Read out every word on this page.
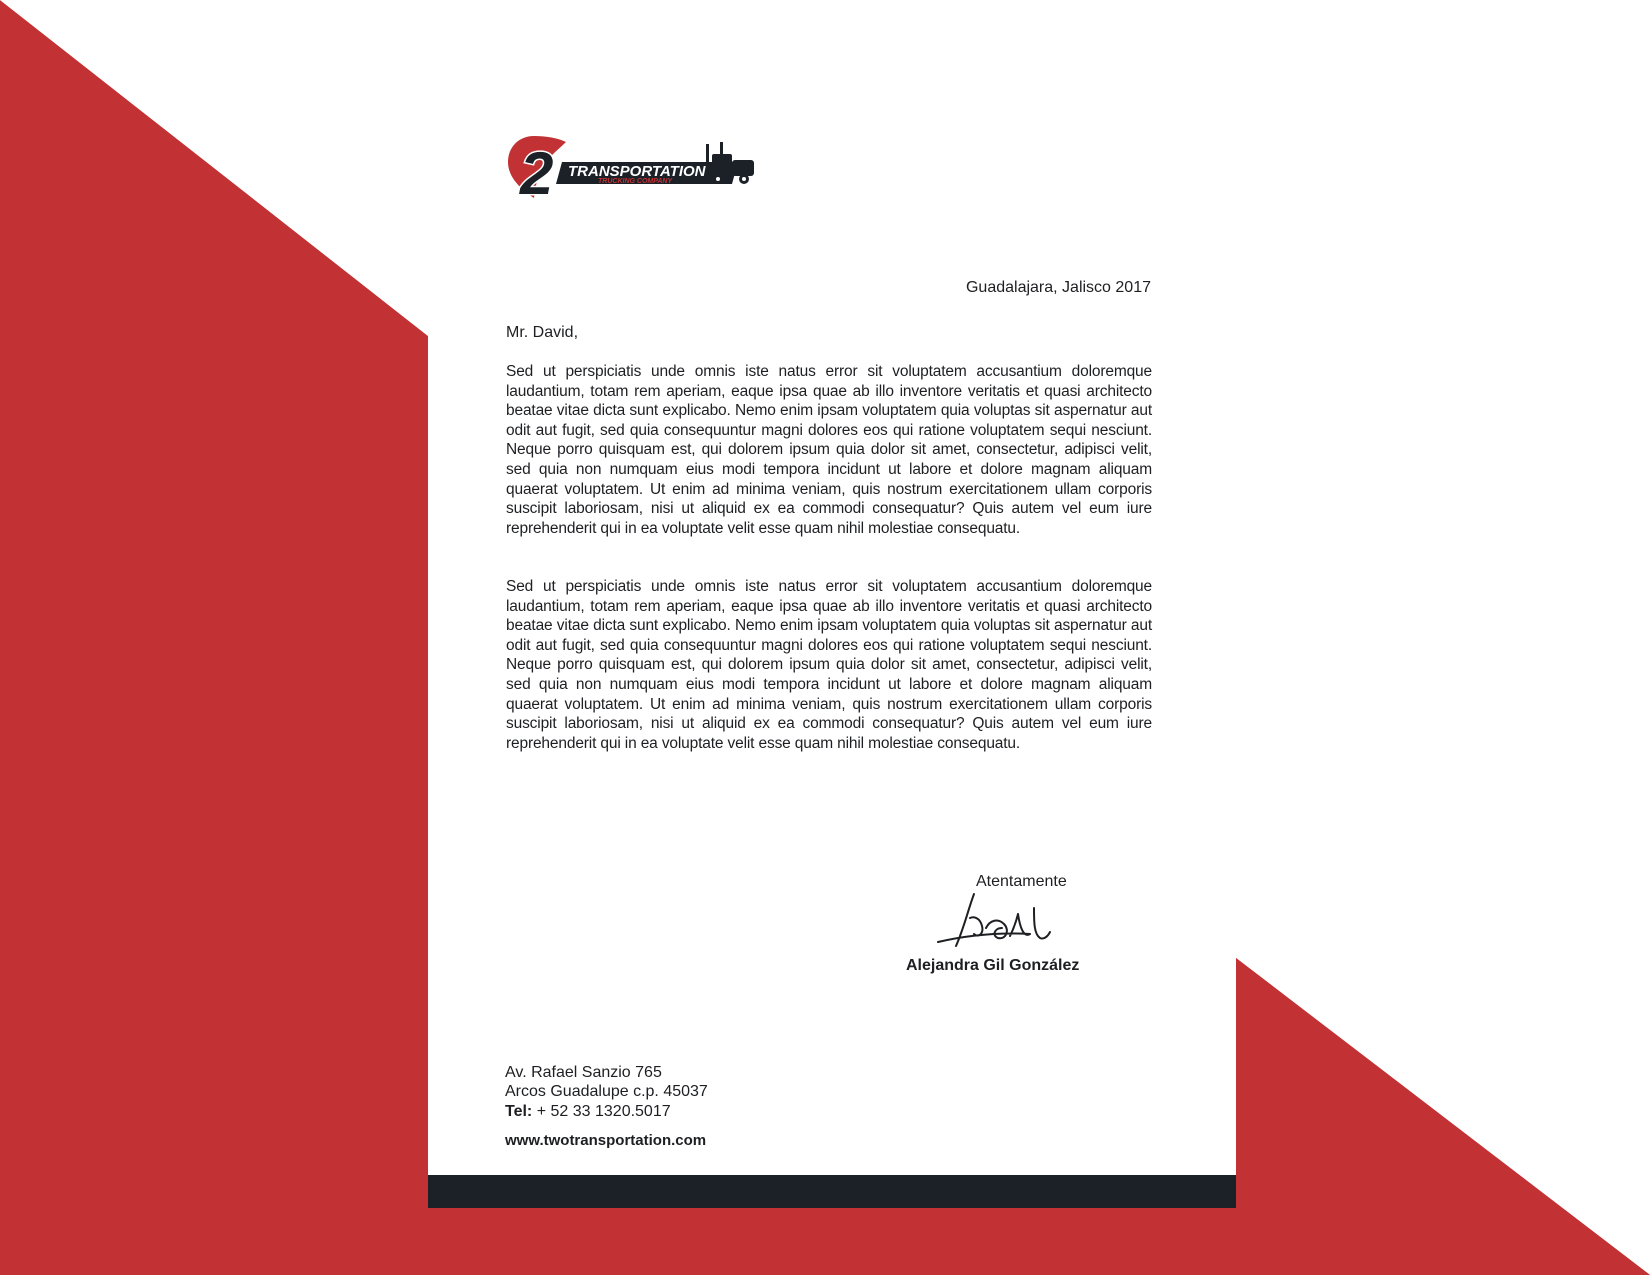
2 TRANSPORTATION
TRUCKING COMPANY
Guadalajara, Jalisco 2017
Mr. David,
Sed ut perspiciatis unde omnis iste natus error sit voluptatem accusantium doloremque laudantium, totam rem aperiam, eaque ipsa quae ab illo inventore veritatis et quasi architecto beatae vitae dicta sunt explicabo. Nemo enim ipsam voluptatem quia voluptas sit aspernatur aut odit aut fugit, sed quia consequuntur magni dolores eos qui ratione voluptatem sequi nesciunt. Neque porro quisquam est, qui dolorem ipsum quia dolor sit amet, consectetur, adipisci velit, sed quia non numquam eius modi tempora incidunt ut labore et dolore magnam aliquam quaerat voluptatem. Ut enim ad minima veniam, quis nostrum exercitationem ullam corporis suscipit laboriosam, nisi ut aliquid ex ea commodi consequatur? Quis autem vel eum iure reprehenderit qui in ea voluptate velit esse quam nihil molestiae consequatu.
Sed ut perspiciatis unde omnis iste natus error sit voluptatem accusantium doloremque laudantium, totam rem aperiam, eaque ipsa quae ab illo inventore veritatis et quasi architecto beatae vitae dicta sunt explicabo. Nemo enim ipsam voluptatem quia voluptas sit aspernatur aut odit aut fugit, sed quia consequuntur magni dolores eos qui ratione voluptatem sequi nesciunt. Neque porro quisquam est, qui dolorem ipsum quia dolor sit amet, consectetur, adipisci velit, sed quia non numquam eius modi tempora incidunt ut labore et dolore magnam aliquam quaerat voluptatem. Ut enim ad minima veniam, quis nostrum exercitationem ullam corporis suscipit laboriosam, nisi ut aliquid ex ea commodi consequatur? Quis autem vel eum iure reprehenderit qui in ea voluptate velit esse quam nihil molestiae consequatu.
Atentamente
Alejandra Gil González
Av. Rafael Sanzio 765
Arcos Guadalupe c.p. 45037
Tel: + 52 33 1320.5017
www.twotransportation.com
